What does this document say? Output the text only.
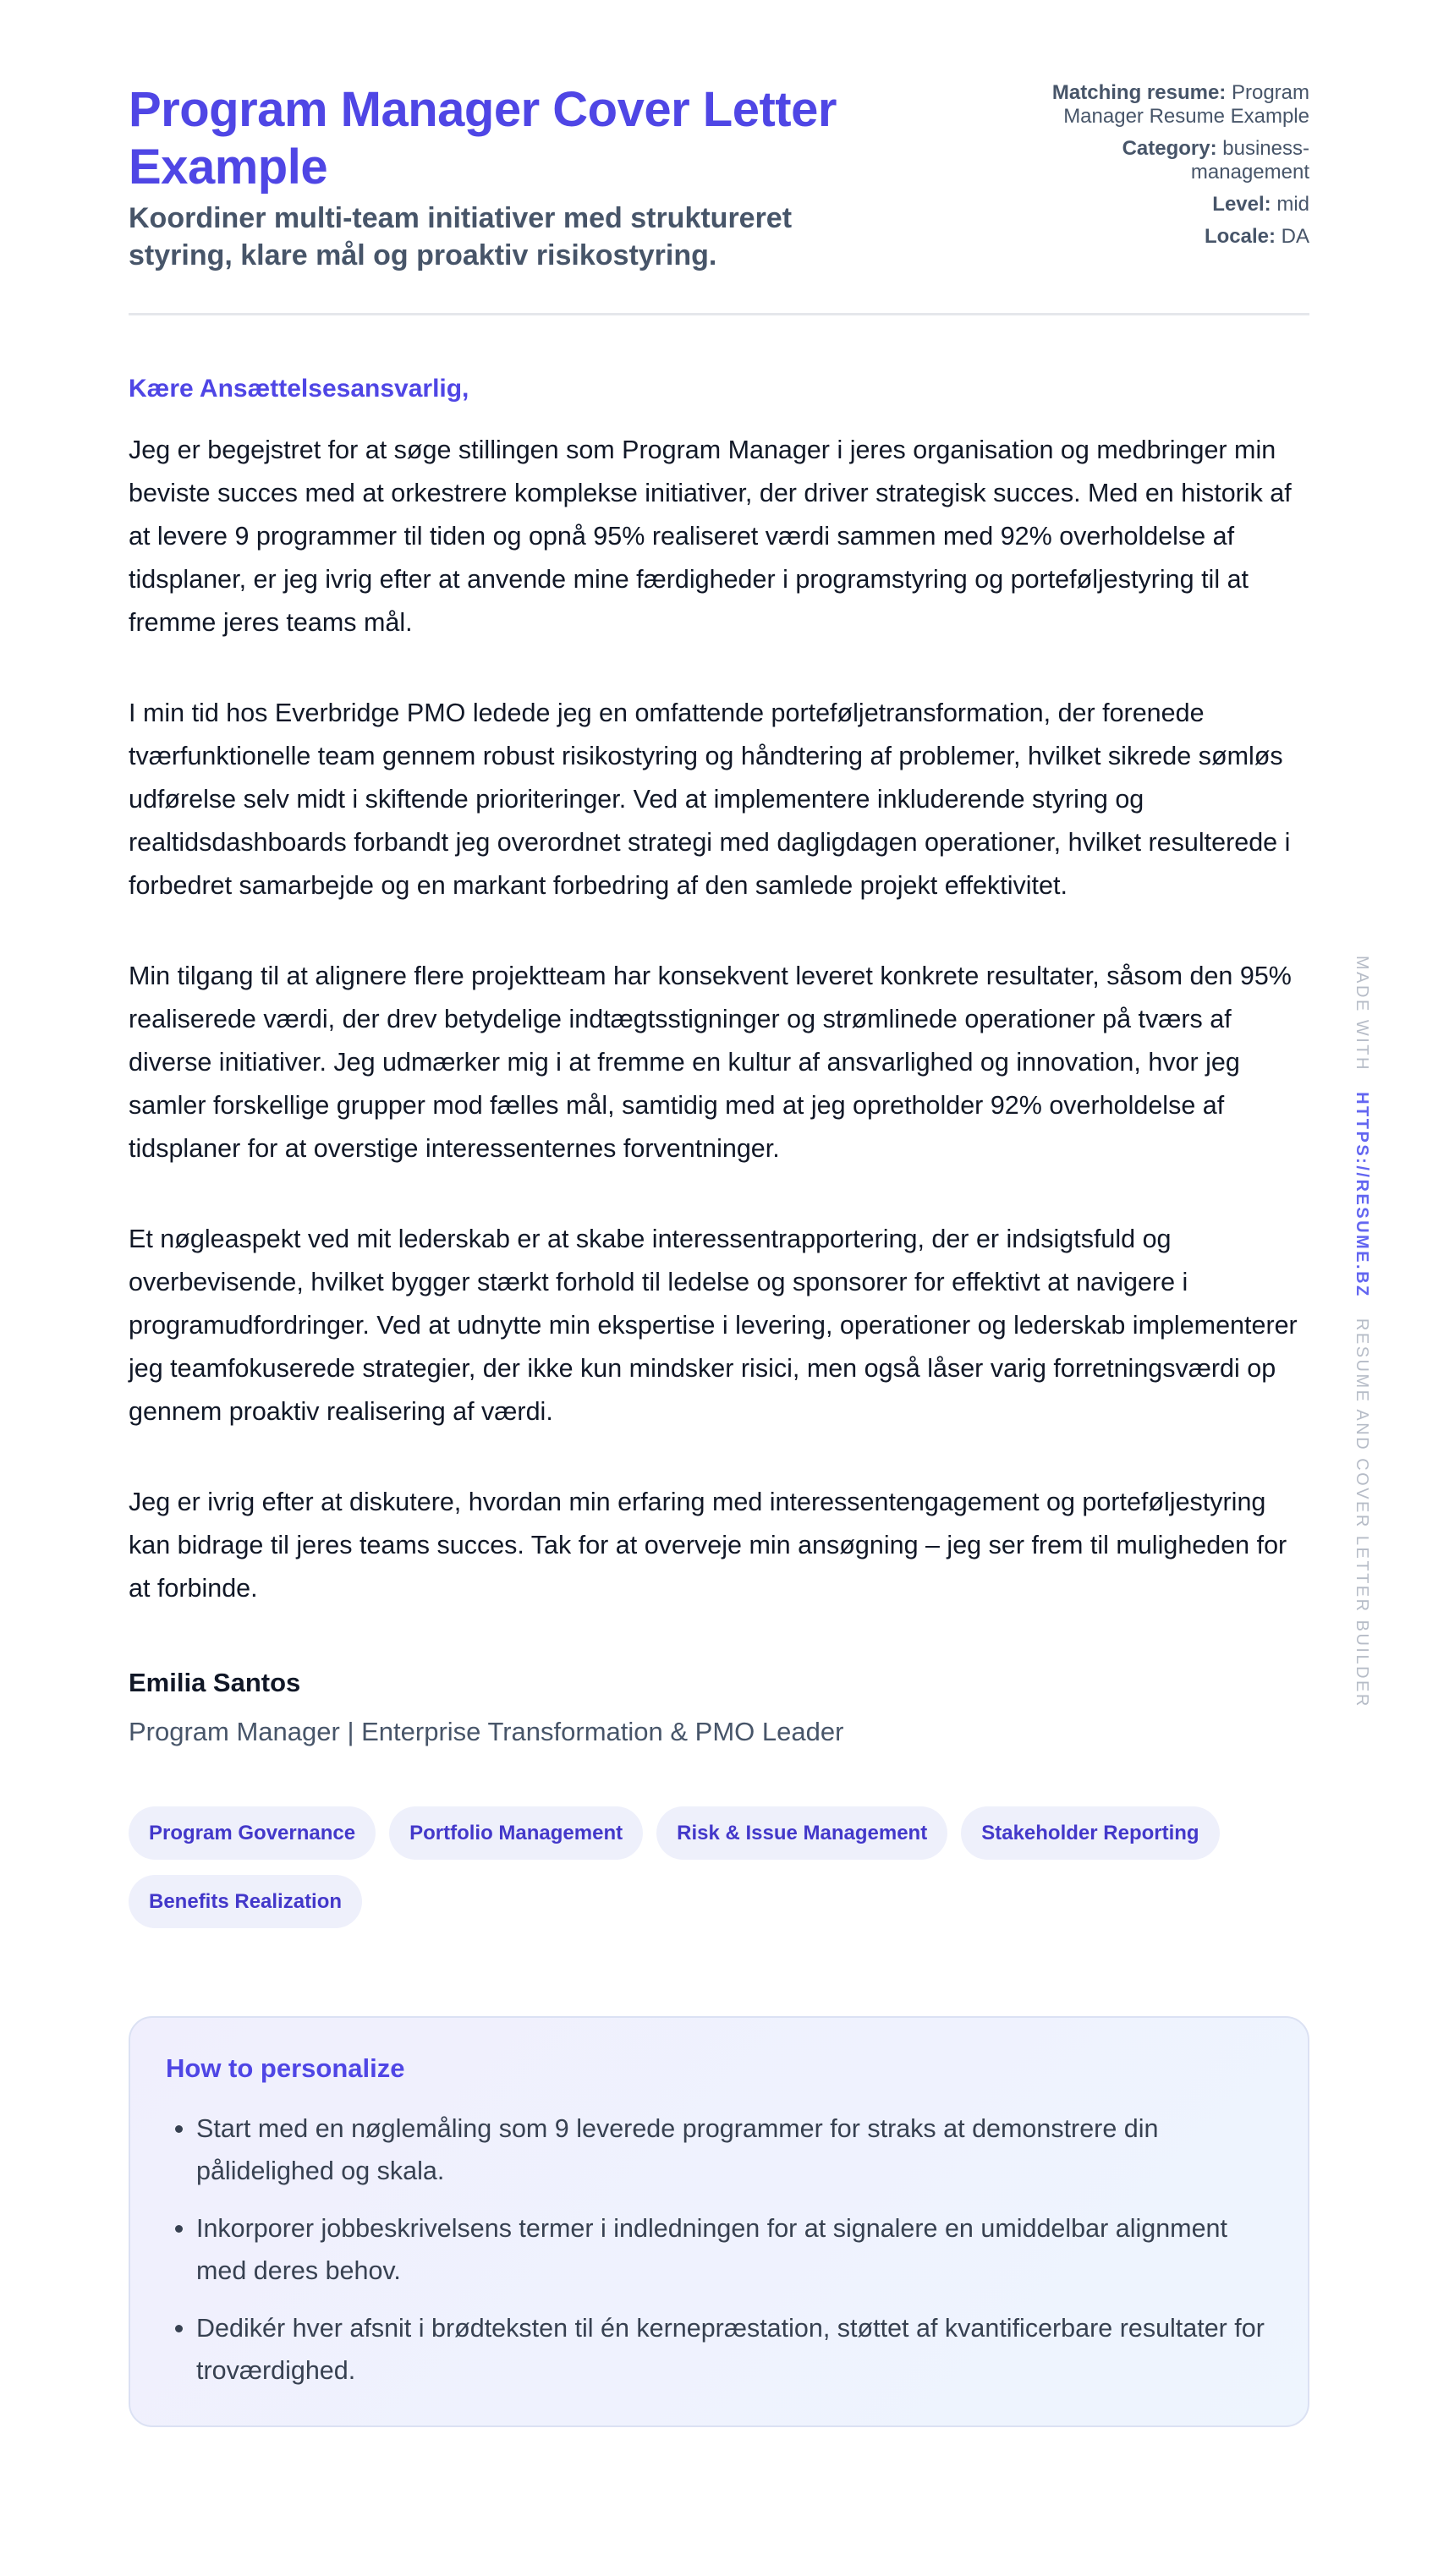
Program Manager Cover Letter Example
Koordiner multi-team initiativer med struktureret styring, klare mål og proaktiv risikostyring.
Matching resume: Program Manager Resume Example
Category: business-management
Level: mid
Locale: DA
Kære Ansættelsesansvarlig,

Jeg er begejstret for at søge stillingen som Program Manager i jeres organisation og medbringer min beviste succes med at orkestrere komplekse initiativer, der driver strategisk succes. Med en historik af at levere 9 programmer til tiden og opnå 95% realiseret værdi sammen med 92% overholdelse af tidsplaner, er jeg ivrig efter at anvende mine færdigheder i programstyring og porteføljestyring til at fremme jeres teams mål.

I min tid hos Everbridge PMO ledede jeg en omfattende porteføljetransformation, der forenede tværfunktionelle team gennem robust risikostyring og håndtering af problemer, hvilket sikrede sømløs udførelse selv midt i skiftende prioriteringer. Ved at implementere inkluderende styring og realtidsdashboards forbandt jeg overordnet strategi med dagligdagen operationer, hvilket resulterede i forbedret samarbejde og en markant forbedring af den samlede projekt effektivitet.

Min tilgang til at alignere flere projektteam har konsekvent leveret konkrete resultater, såsom den 95% realiserede værdi, der drev betydelige indtægtsstigninger og strømlinede operationer på tværs af diverse initiativer. Jeg udmærker mig i at fremme en kultur af ansvarlighed og innovation, hvor jeg samler forskellige grupper mod fælles mål, samtidig med at jeg opretholder 92% overholdelse af tidsplaner for at overstige interessenternes forventninger.

Et nøgleaspekt ved mit lederskab er at skabe interessentrapportering, der er indsigtsfuld og overbevisende, hvilket bygger stærkt forhold til ledelse og sponsorer for effektivt at navigere i programudfordringer. Ved at udnytte min ekspertise i levering, operationer og lederskab implementerer jeg teamfokuserede strategier, der ikke kun mindsker risici, men også låser varig forretningsværdi op gennem proaktiv realisering af værdi.

Jeg er ivrig efter at diskutere, hvordan min erfaring med interessentengagement og porteføljestyring kan bidrage til jeres teams succes. Tak for at overveje min ansøgning – jeg ser frem til muligheden for at forbinde.

Emilia Santos
Program Manager | Enterprise Transformation & PMO Leader
Program Governance	Portfolio Management	Risk & Issue Management	Stakeholder Reporting
Benefits Realization
How to personalize
• Start med en nøglemåling som 9 leverede programmer for straks at demonstrere din pålidelighed og skala.
• Inkorporer jobbeskrivelsens termer i indledningen for at signalere en umiddelbar alignment med deres behov.
• Dedikér hver afsnit i brødteksten til én kernepræstation, støttet af kvantificerbare resultater for troværdighed.
MADE WITH   HTTPS://RESUME.BZ   RESUME AND COVER LETTER BUILDER
